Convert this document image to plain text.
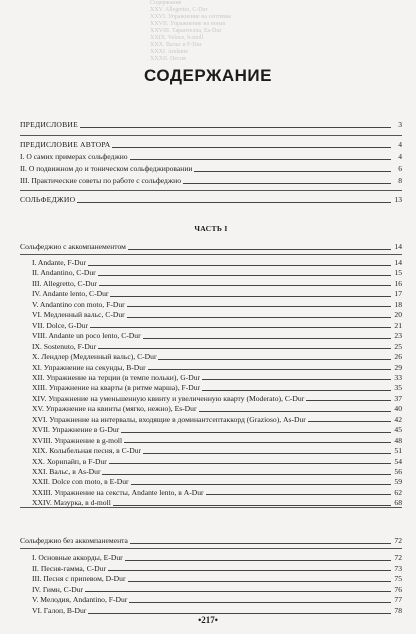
Содержание
XXV. Allegretto, C-Dur
XXVI. Упражнение на септимы
XXVII. Упражнение на нонах
XXVIII. Тарантелла, Es-Dur
XXIX. Veloce, h-moll
XXX. Вальс в F-Dur
XXXI. Andante
XXXII. Песня
СОДЕРЖАНИЕ
ПРЕДИСЛОВИЕ	3
ПРЕДИСЛОВИЕ АВТОРА	4
I. О самих примерах сольфеджио	4
II. О подвижном до и тоническом сольфеджировании	6
III. Практические советы по работе с сольфеджио	8
СОЛЬФЕДЖИО	13
ЧАСТЬ I
Сольфеджио с аккомпанементом	14
I. Andante, F-Dur	14
II. Andantino, C-Dur	15
III. Allegretto, C-Dur	16
IV. Andante lento, C-Dur	17
V. Andantino con moto, F-Dur	18
VI. Медленный вальс, C-Dur	20
VII. Dolce, G-Dur	21
VIII. Andante un poco lento, C-Dur	23
IX. Sostenuto, F-Dur	25
X. Лендлер (Медленный вальс), C-Dur	26
XI. Упражнение на секунды, B-Dur	29
XII. Упражнение на терции (в темпе польки), G-Dur	33
XIII. Упражнение на кварты (в ритме марша), F-Dur	35
XIV. Упражнение на уменьшенную квинту и увеличенную кварту (Moderato), C-Dur	37
XV. Упражнение на квинты (мягко, нежно), Es-Dur	40
XVI. Упражнение на интервалы, входящие в доминантсептаккорд (Grazioso), As-Dur	42
XVII. Упражнение в G-Dur	45
XVIII. Упражнение в g-moll	48
XIX. Колыбельная песня, в C-Dur	51
XX. Хорнпайп, в F-Dur	54
XXI. Вальс, в As-Dur	56
XXII. Dolce con moto, в E-Dur	59
XXIII. Упражнение на сексты, Andante lento, в A-Dur	62
XXIV. Мазурка, в d-moll	68
Сольфеджио без аккомпанемента	72
I. Основные аккорды, E-Dur	72
II. Песня-гамма, C-Dur	73
III. Песня с припевом, D-Dur	75
IV. Гимн, C-Dur	76
V. Мелодия, Andantino, F-Dur	77
VI. Галоп, B-Dur	78
•217•
